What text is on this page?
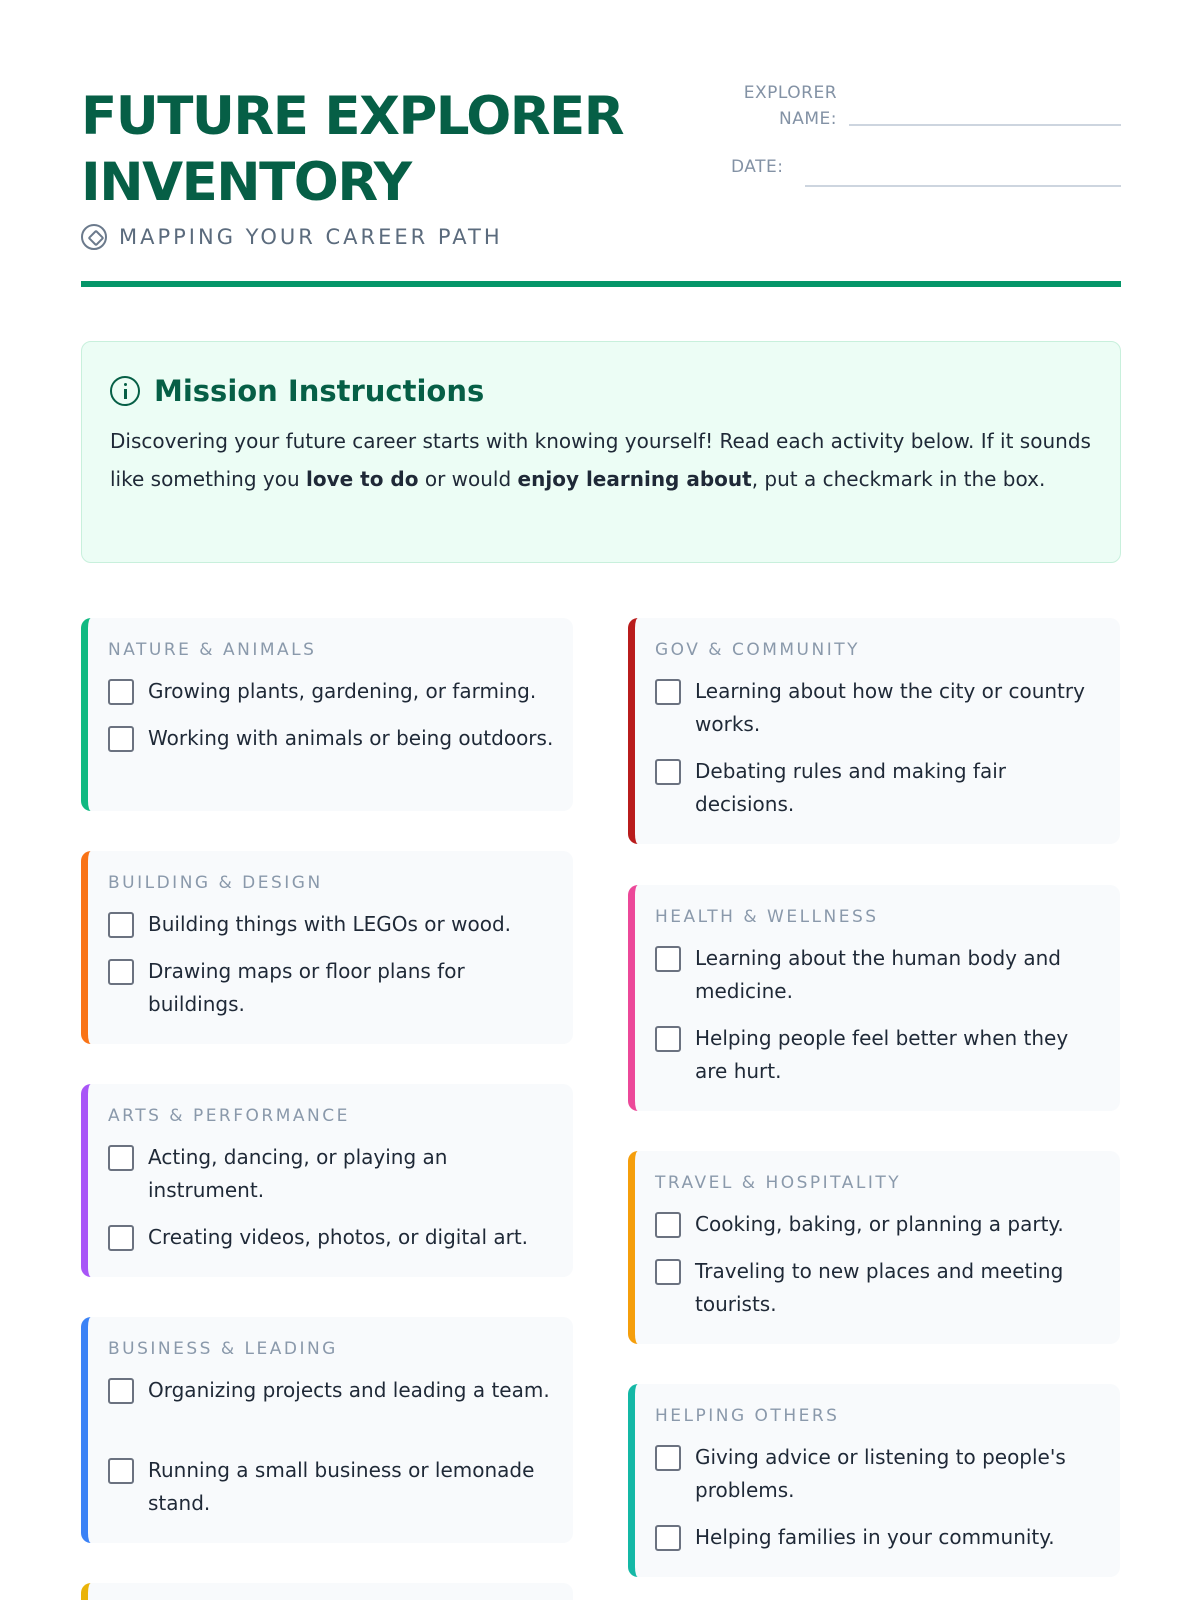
FUTURE EXPLORER
INVENTORY
MAPPING YOUR CAREER PATH
EXPLORER
NAME:
DATE:
Mission Instructions
Discovering your future career starts with knowing yourself! Read each activity below. If it sounds like something you love to do or would enjoy learning about, put a checkmark in the box.
NATURE & ANIMALS
Growing plants, gardening, or farming.
Working with animals or being outdoors.
BUILDING & DESIGN
Building things with LEGOs or wood.
Drawing maps or floor plans for buildings.
ARTS & PERFORMANCE
Acting, dancing, or playing an instrument.
Creating videos, photos, or digital art.
BUSINESS & LEADING
Organizing projects and leading a team.
Running a small business or lemonade stand.
GOV & COMMUNITY
Learning about how the city or country works.
Debating rules and making fair decisions.
HEALTH & WELLNESS
Learning about the human body and medicine.
Helping people feel better when they are hurt.
TRAVEL & HOSPITALITY
Cooking, baking, or planning a party.
Traveling to new places and meeting tourists.
HELPING OTHERS
Giving advice or listening to people's problems.
Helping families in your community.
